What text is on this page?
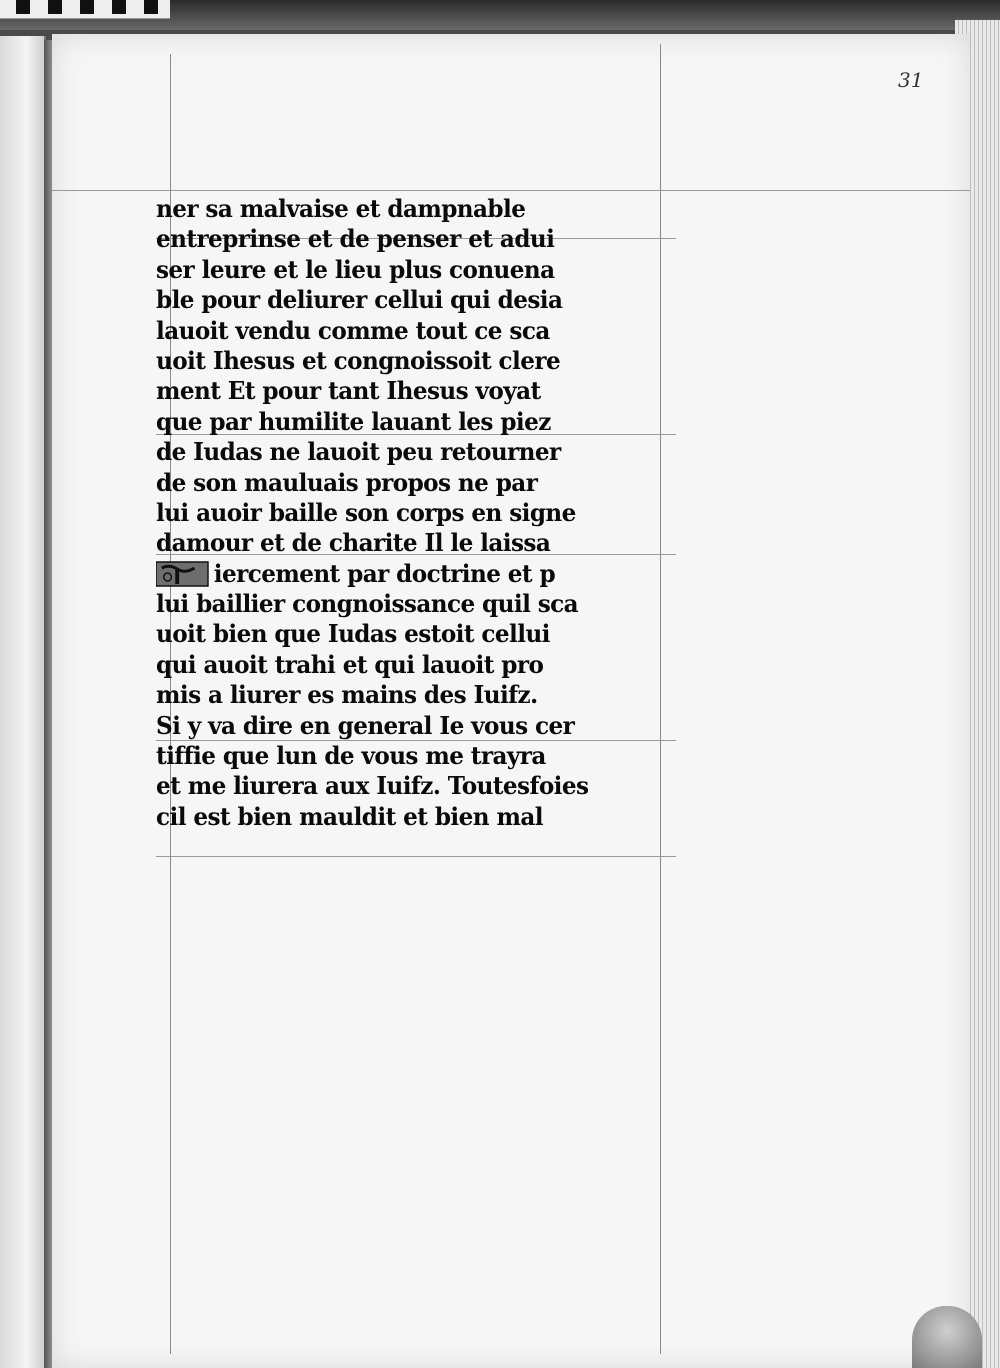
31
ner sa malvaise et dampnable
entreprinse et de penser et adui
ser leure et le lieu plus conuena
ble pour deliurer cellui qui desia
lauoit vendu comme tout ce sca
uoit Ihesus et congnoissoit clere
ment Et pour tant Ihesus voyat
que par humilite lauant les piez
de Iudas ne lauoit peu retourner
de son mauluais propos ne par
lui auoir baille son corps en signe
damour et de charite Il le laissa
iercement par doctrine et p
lui baillier congnoissance quil sca
uoit bien que Iudas estoit cellui
qui auoit trahi et qui lauoit pro
mis a liurer es mains des Iuifz.
Si y va dire en general Ie vous cer
tiffie que lun de vous me trayra
et me liurera aux Iuifz. Toutesfoies
cil est bien mauldit et bien mal
